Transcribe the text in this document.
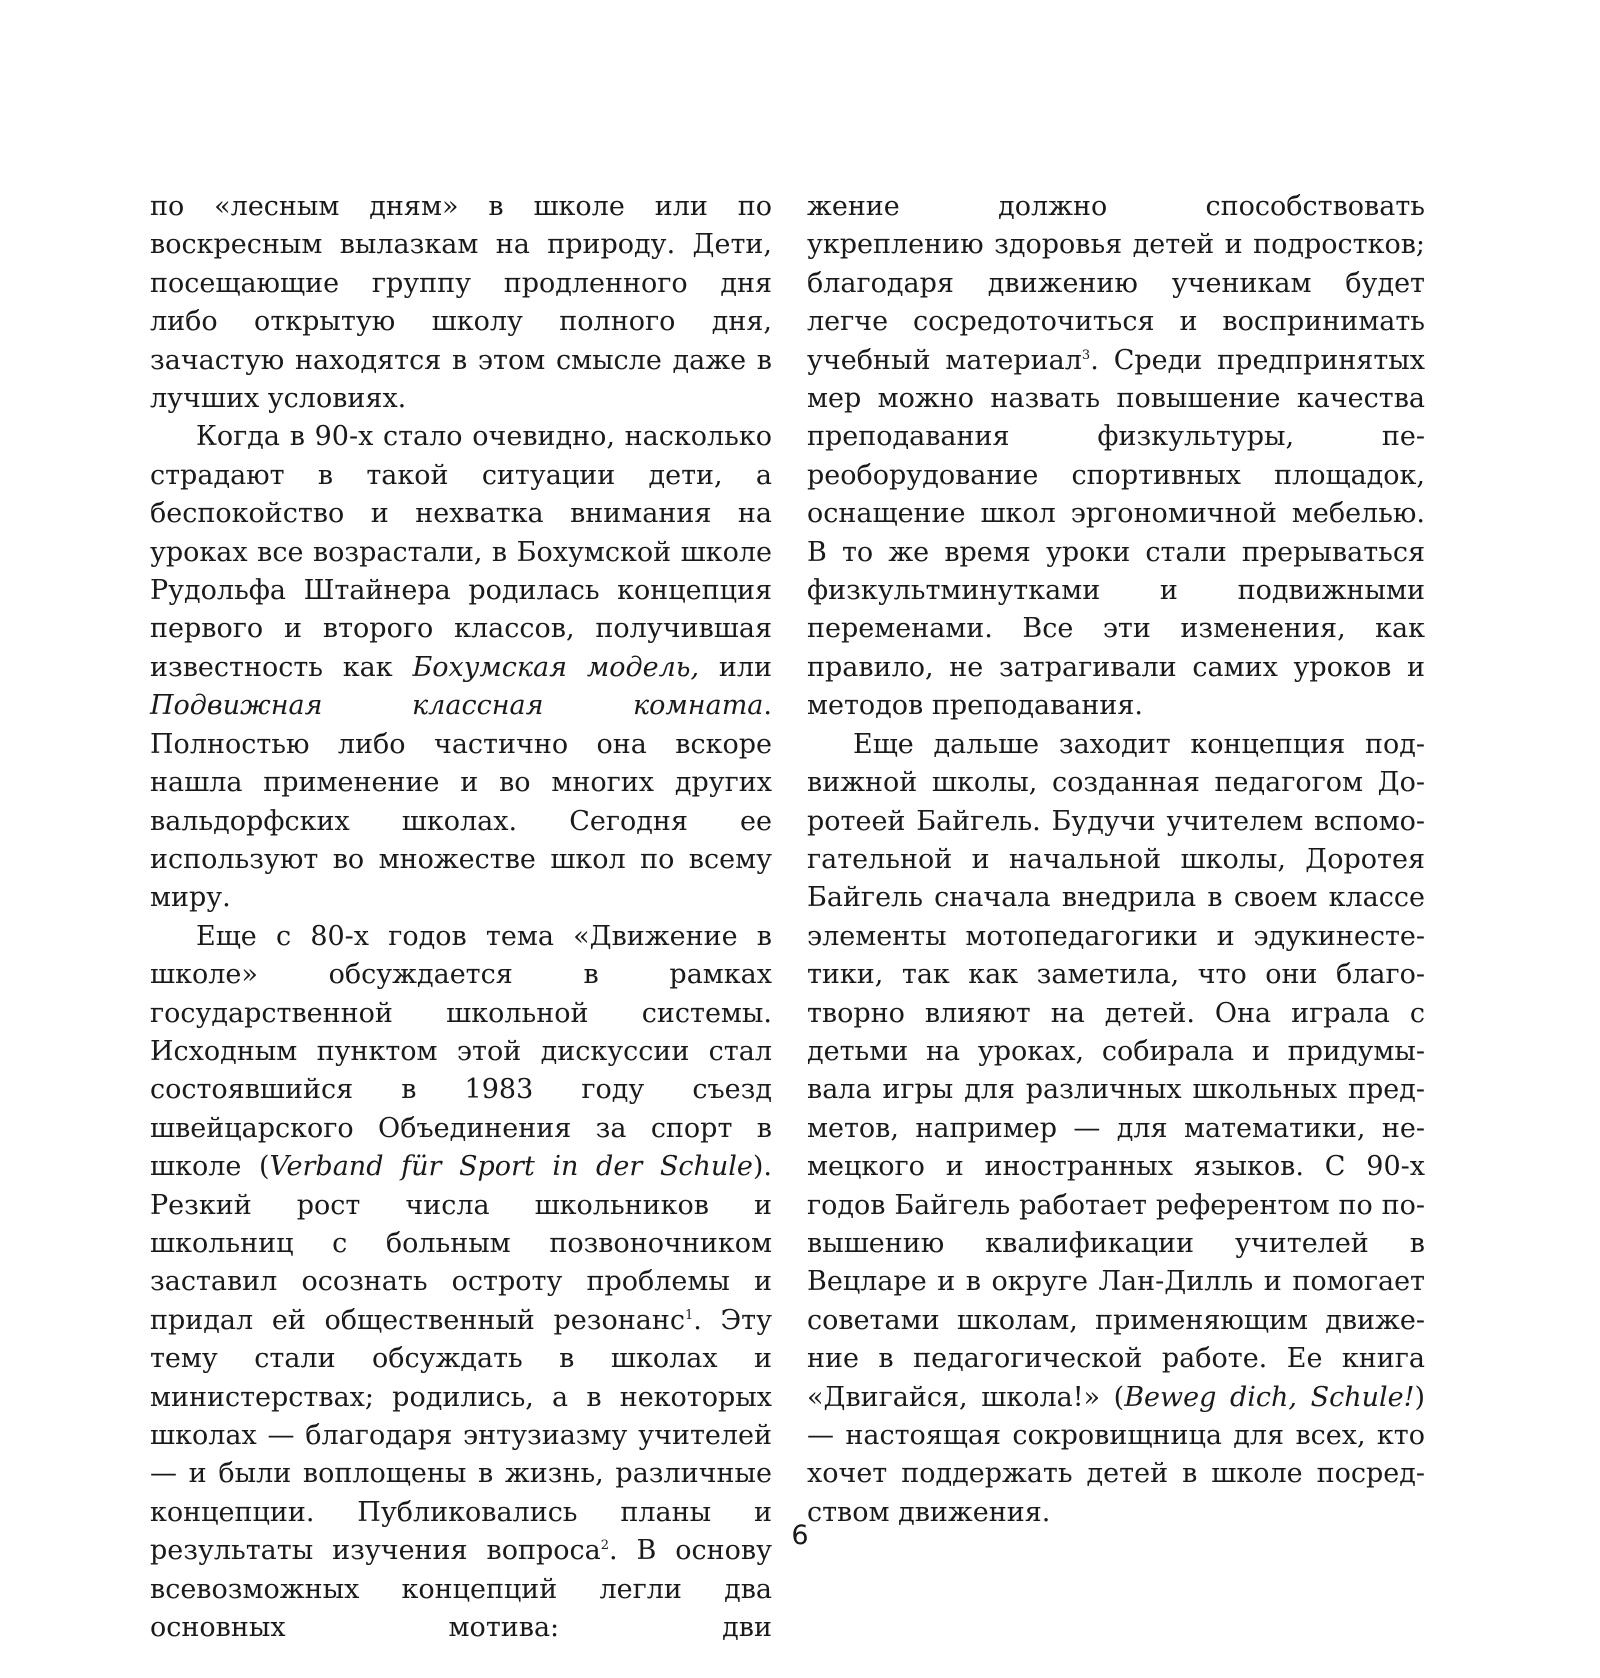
по «лесным дням» в школе или по воскресным вылазкам на природу. Дети, посещающие группу продленного дня либо открытую школу полного дня, зачастую находятся в этом смысле даже в лучших условиях.

Когда в 90-х стало очевидно, насколько страдают в такой ситуации дети, а беспокойство и нехватка внимания на уроках все возрастали, в Бохумской школе Рудольфа Штайнера родилась концепция первого и второго классов, получившая известность как Бохумская модель, или Подвижная классная комната. Полностью либо частично она вскоре нашла применение и во многих других вальдорфских школах. Сегодня ее используют во множестве школ по всему миру.

Еще с 80-х годов тема «Движение в школе» обсуждается в рамках государственной школьной системы. Исходным пунктом этой дискуссии стал состоявшийся в 1983 году съезд швейцарского Объединения за спорт в школе (Verband für Sport in der Schule). Резкий рост числа школьников и школьниц с больным позвоночником заставил осознать остроту проблемы и придал ей общественный резонанс$^1$. Эту тему стали обсуждать в школах и министерствах; родились, а в некоторых школах — благодаря энтузиазму учителей — и были воплощены в жизнь, различные концепции. Публиковались планы и результаты изучения вопроса$^2$. В основу всевозможных концепций легли два основных мотива: дви

жение должно способствовать укреплению здоровья детей и подростков; благодаря движению ученикам будет легче сосредоточиться и воспринимать учебный материал$^3$. Среди предпринятых мер можно назвать повышение качества преподавания физкультуры, переоборудование спортивных площадок, оснащение школ эргономичной мебелью. В то же время уроки стали прерываться физкультминутками и подвижными переменами. Все эти изменения, как правило, не затрагивали самих уроков и методов преподавания.

Еще дальше заходит концепция подвижной школы, созданная педагогом Доротеей Байгель. Будучи учителем вспомогательной и начальной школы, Доротея Байгель сначала внедрила в своем классе элементы мотопедагогики и эдукинестетики, так как заметила, что они благотворно влияют на детей. Она играла с детьми на уроках, собирала и придумывала игры для различных школьных предметов, например — для математики, немецкого и иностранных языков. С 90-х годов Байгель работает референтом по повышению квалификации учителей в Вецларе и в округе Лан-Дилль и помогает советами школам, применяющим движение в педагогической работе. Ее книга «Двигайся, школа!» (Beweg dich, Schule!) — настоящая сокровищница для всех, кто хочет поддержать детей в школе посредством движения.

6
